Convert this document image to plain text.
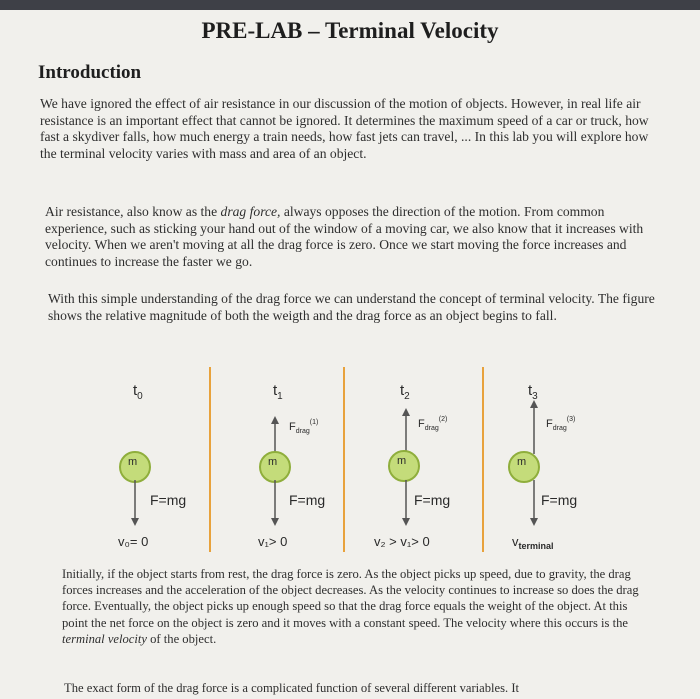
PRE-LAB – Terminal Velocity
Introduction

We have ignored the effect of air resistance in our discussion of the motion of objects. However, in real life air resistance is an important effect that cannot be ignored. It determines the maximum speed of a car or truck, how fast a skydiver falls, how much energy a train needs, how fast jets can travel, ... In this lab you will explore how the terminal velocity varies with mass and area of an object.

Air resistance, also know as the drag force, always opposes the direction of the motion. From common experience, such as sticking your hand out of the window of a moving car, we also know that it increases with velocity. When we aren't moving at all the drag force is zero. Once we start moving the force increases and continues to increase the faster we go.

With this simple understanding of the drag force we can understand the concept of terminal velocity. The figure shows the relative magnitude of both the weigth and the drag force as an object begins to fall.

$t_0$
m
F=mg
v₀= 0
$t_1$
$F_{drag}^{(1)}$
m
F=mg
v₁> 0
$t_2$
$F_{drag}^{(2)}$
m
F=mg
v₂ > v₁> 0
$t_3$
$F_{drag}^{(3)}$
m
F=mg
$v_{terminal}$

Initially, if the object starts from rest, the drag force is zero. As the object picks up speed, due to gravity, the drag forces increases and the acceleration of the object decreases. As the velocity continues to increase so does the drag force. Eventually, the object picks up enough speed so that the drag force equals the weight of the object. At this point the net force on the object is zero and it moves with a constant speed. The velocity where this occurs is the terminal velocity of the object.

The exact form of the drag force is a complicated function of several different variables. It
